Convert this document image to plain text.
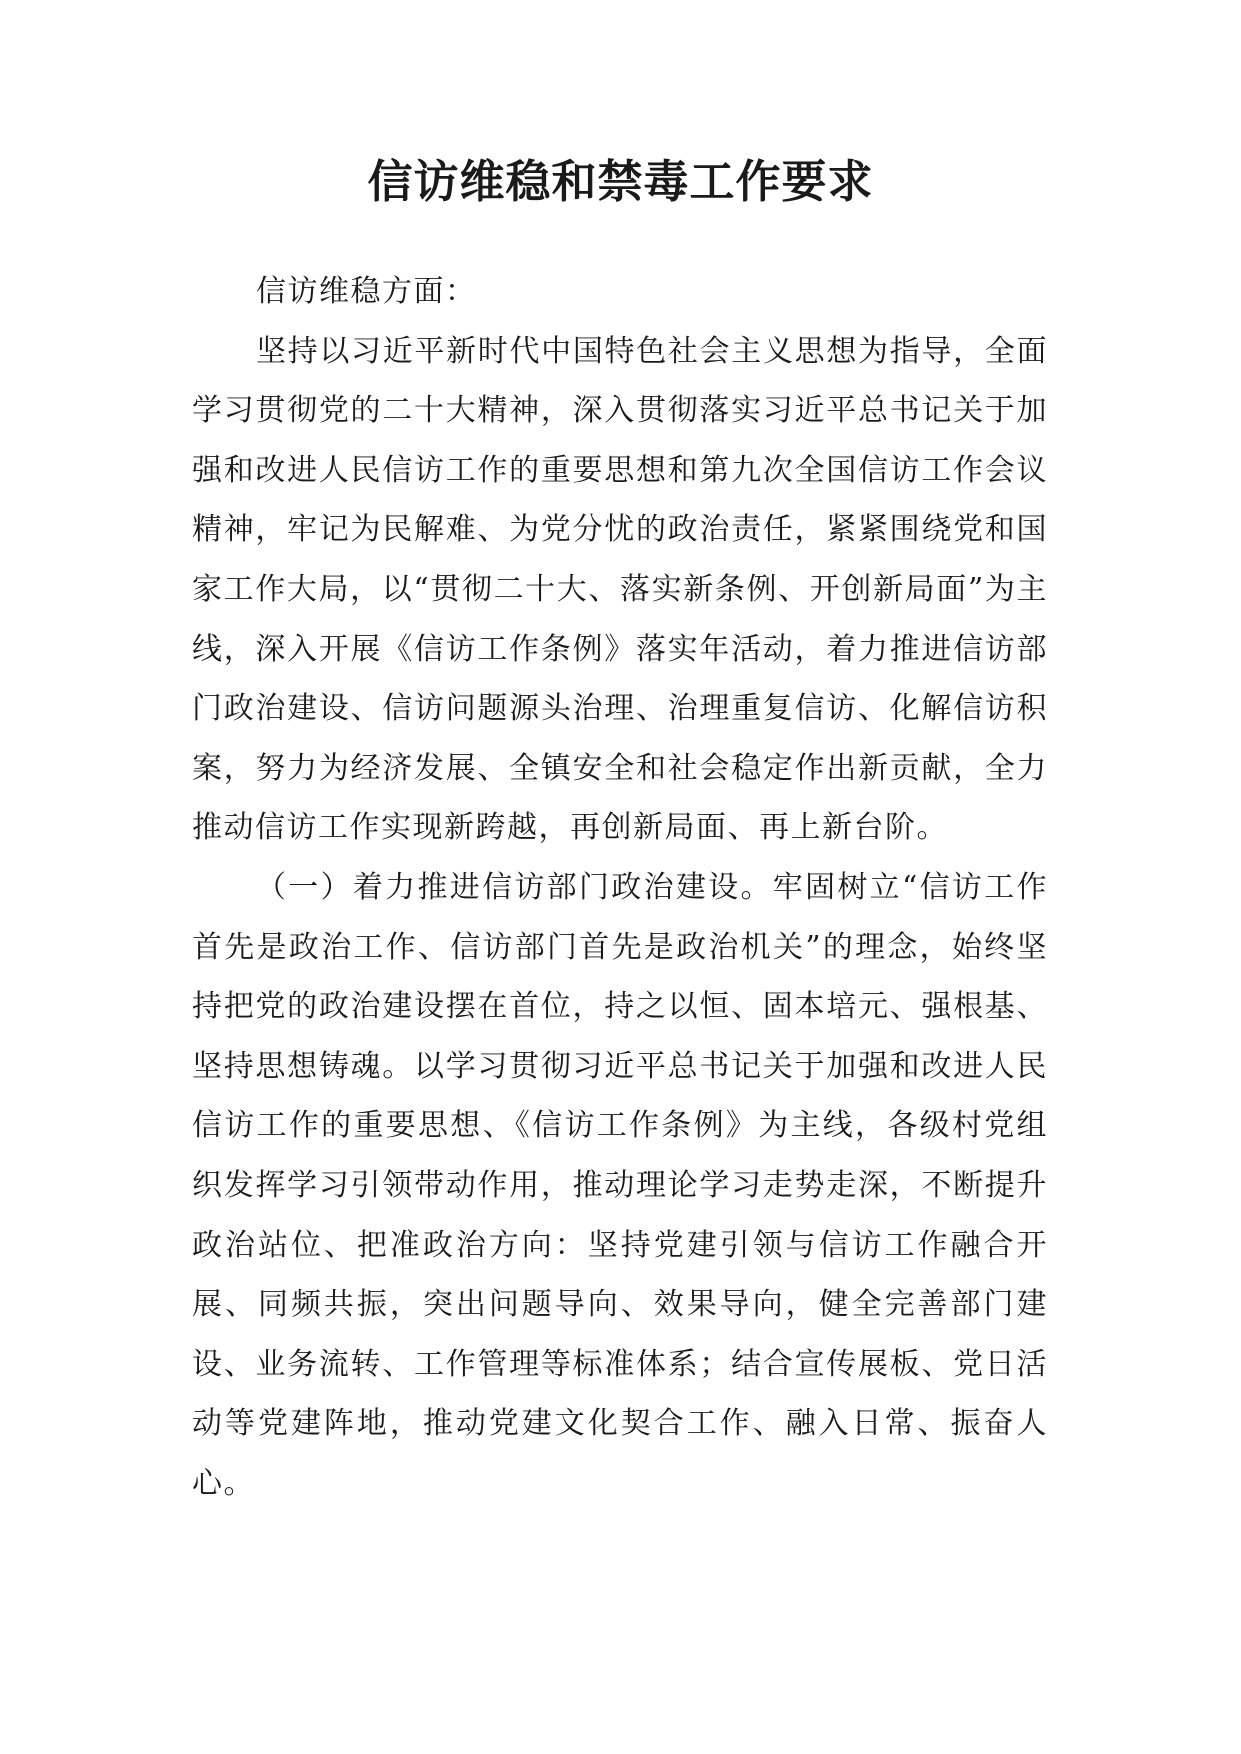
信访维稳和禁毒工作要求

信访维稳方面：

坚持以习近平新时代中国特色社会主义思想为指导，全面学习贯彻党的二十大精神，深入贯彻落实习近平总书记关于加强和改进人民信访工作的重要思想和第九次全国信访工作会议精神，牢记为民解难、为党分忧的政治责任，紧紧围绕党和国家工作大局，以“贯彻二十大、落实新条例、开创新局面”为主线，深入开展《信访工作条例》落实年活动，着力推进信访部门政治建设、信访问题源头治理、治理重复信访、化解信访积案，努力为经济发展、全镇安全和社会稳定作出新贡献，全力推动信访工作实现新跨越，再创新局面、再上新台阶。

（一）着力推进信访部门政治建设。牢固树立“信访工作首先是政治工作、信访部门首先是政治机关”的理念，始终坚持把党的政治建设摆在首位，持之以恒、固本培元、强根基、坚持思想铸魂。以学习贯彻习近平总书记关于加强和改进人民信访工作的重要思想、《信访工作条例》为主线，各级村党组织发挥学习引领带动作用，推动理论学习走势走深，不断提升政治站位、把准政治方向：坚持党建引领与信访工作融合开展、同频共振，突出问题导向、效果导向，健全完善部门建设、业务流转、工作管理等标准体系；结合宣传展板、党日活动等党建阵地，推动党建文化契合工作、融入日常、振奋人心。
